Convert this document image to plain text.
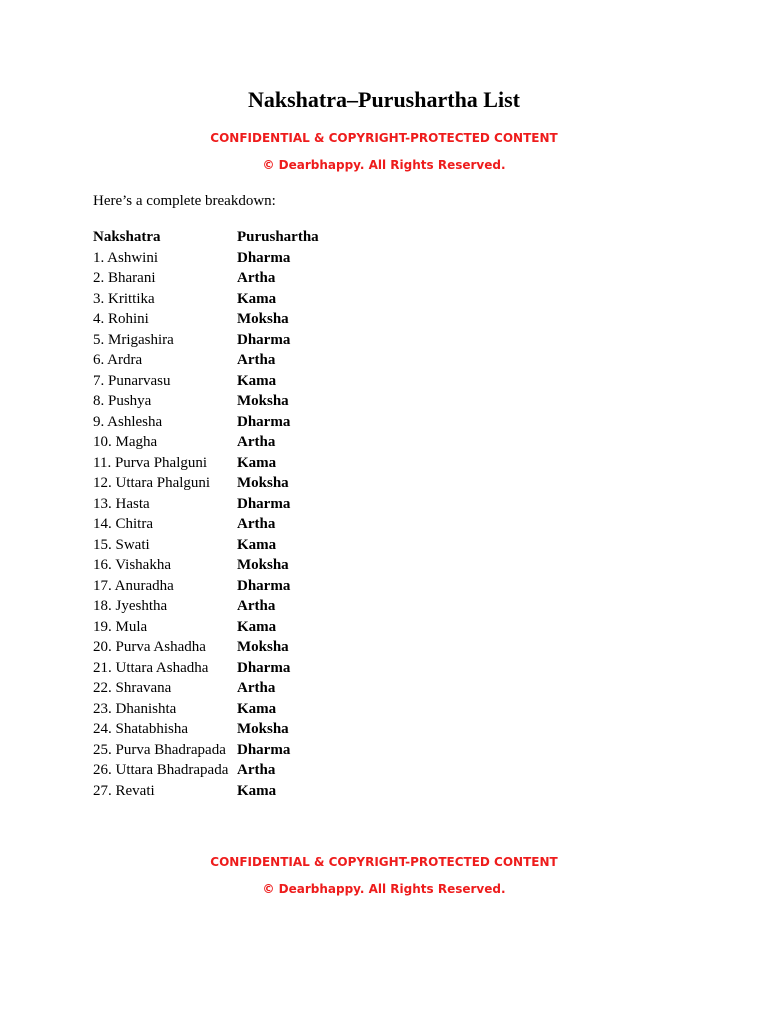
Nakshatra–Purushartha List
CONFIDENTIAL & COPYRIGHT-PROTECTED CONTENT
© Dearbhappy. All Rights Reserved.
Here’s a complete breakdown:
Nakshatra	Purushartha
1. Ashwini	Dharma
2. Bharani	Artha
3. Krittika	Kama
4. Rohini	Moksha
5. Mrigashira	Dharma
6. Ardra	Artha
7. Punarvasu	Kama
8. Pushya	Moksha
9. Ashlesha	Dharma
10. Magha	Artha
11. Purva Phalguni	Kama
12. Uttara Phalguni	Moksha
13. Hasta	Dharma
14. Chitra	Artha
15. Swati	Kama
16. Vishakha	Moksha
17. Anuradha	Dharma
18. Jyeshtha	Artha
19. Mula	Kama
20. Purva Ashadha	Moksha
21. Uttara Ashadha	Dharma
22. Shravana	Artha
23. Dhanishta	Kama
24. Shatabhisha	Moksha
25. Purva Bhadrapada Dharma
26. Uttara Bhadrapada Artha
27. Revati	Kama
CONFIDENTIAL & COPYRIGHT-PROTECTED CONTENT
© Dearbhappy. All Rights Reserved.
